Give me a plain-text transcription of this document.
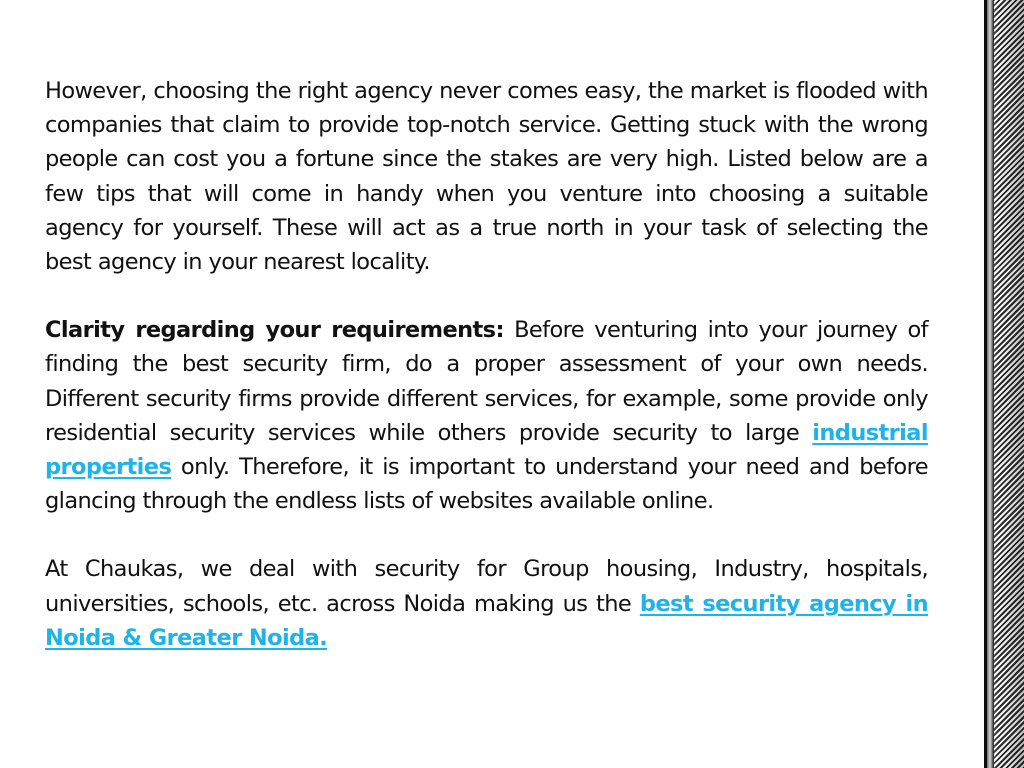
However, choosing the right agency never comes easy, the market is flooded with companies that claim to provide top-notch service. Getting stuck with the wrong people can cost you a fortune since the stakes are very high. Listed below are a few tips that will come in handy when you venture into choosing a suitable agency for yourself. These will act as a true north in your task of selecting the best agency in your nearest locality.

Clarity regarding your requirements: Before venturing into your journey of finding the best security firm, do a proper assessment of your own needs. Different security firms provide different services, for example, some provide only residential security services while others provide security to large industrial properties only. Therefore, it is important to understand your need and before glancing through the endless lists of websites available online.

At Chaukas, we deal with security for Group housing, Industry, hospitals, universities, schools, etc. across Noida making us the best security agency in Noida & Greater Noida.
